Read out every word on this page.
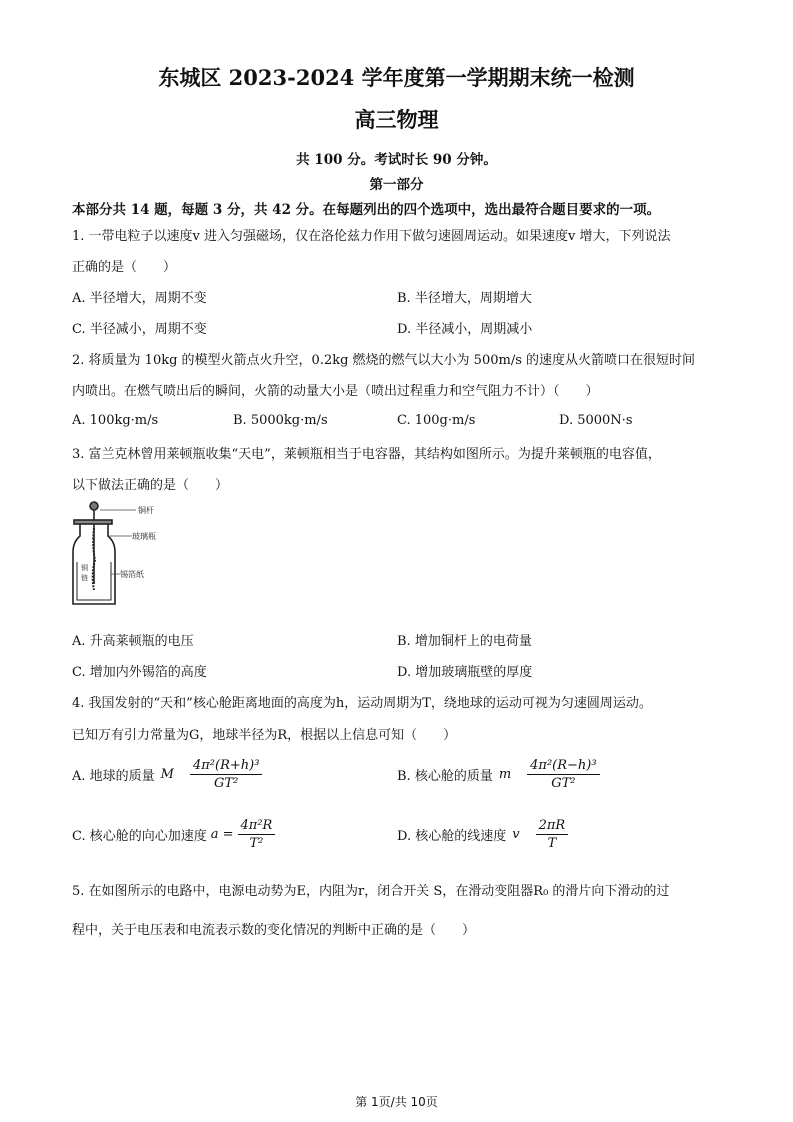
东城区 2023-2024 学年度第一学期期末统一检测
高三物理
共 100 分。考试时长 90 分钟。
第一部分
本部分共 14 题，每题 3 分，共 42 分。在每题列出的四个选项中，选出最符合题目要求的一项。
1. 一带电粒子以速度v 进入匀强磁场，仅在洛伦兹力作用下做匀速圆周运动。如果速度v 增大，下列说法
正确的是（　　）
A. 半径增大，周期不变	B. 半径增大，周期增大
C. 半径减小，周期不变	D. 半径减小，周期减小
2. 将质量为 10kg 的模型火箭点火升空，0.2kg 燃烧的燃气以大小为 500m/s 的速度从火箭喷口在很短时间
内喷出。在燃气喷出后的瞬间，火箭的动量大小是（喷出过程重力和空气阻力不计）（　　）
A. 100kg·m/s	B. 5000kg·m/s	C. 100g·m/s	D. 5000N·s
3. 富兰克林曾用莱顿瓶收集“天电”，莱顿瓶相当于电容器，其结构如图所示。为提升莱顿瓶的电容值，
以下做法正确的是（　　）
铜杆
玻璃瓶
锡箔纸
铜
链
A. 升高莱顿瓶的电压	B. 增加铜杆上的电荷量
C. 增加内外锡箔的高度	D. 增加玻璃瓶壁的厚度
4. 我国发射的“天和”核心舱距离地面的高度为h，运动周期为T，绕地球的运动可视为匀速圆周运动。
已知万有引力常量为G，地球半径为R，根据以上信息可知（　　）
A. 地球的质量 M $\frac{\text{4π²(R+h)³}}{\text{GT²}}$	B. 核心舱的质量 m $\frac{\text{4π²(R−h)³}}{\text{GT²}}$
C. 核心舱的向心加速度 $a = \frac{\text{4π²R}}{\text{T²}}$	D. 核心舱的线速度 v $\frac{2\pi R}{T}$
5. 在如图所示的电路中，电源电动势为E，内阻为r，闭合开关 S，在滑动变阻器R₀ 的滑片向下滑动的过
程中，关于电压表和电流表示数的变化情况的判断中正确的是（　　）
第 1页/共 10页
